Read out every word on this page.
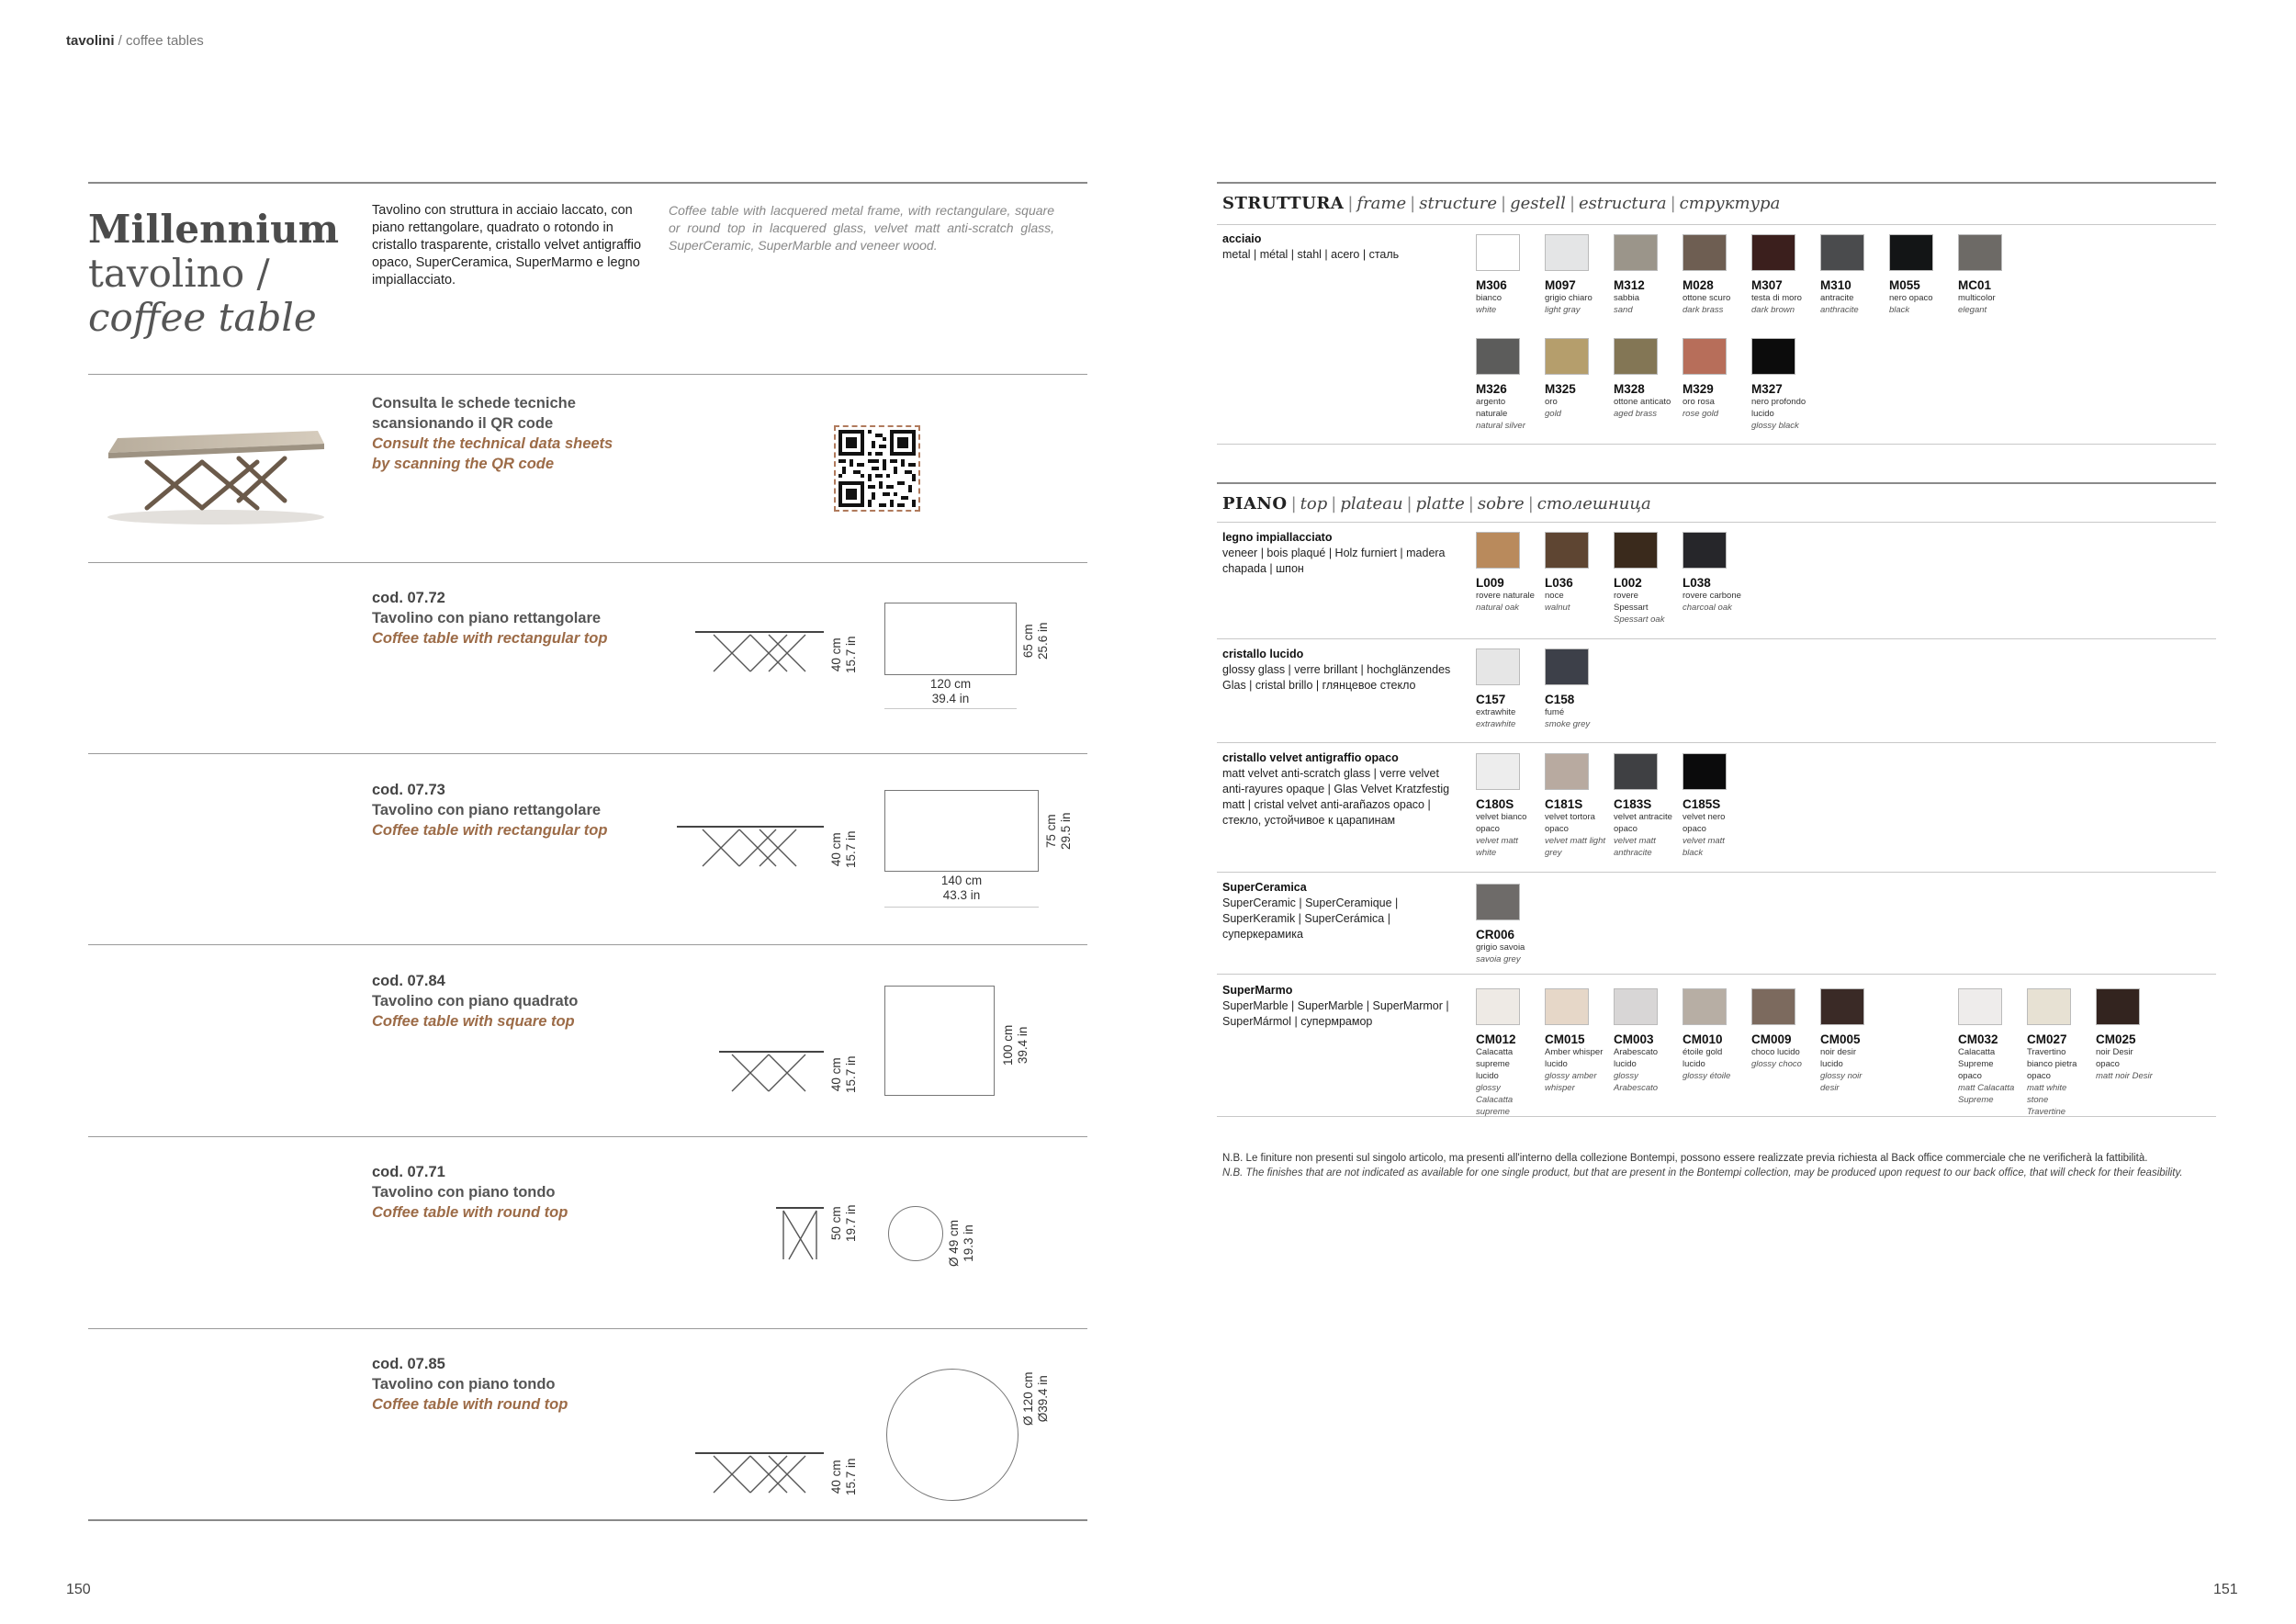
tavolini / coffee tables
Millennium
tavolino /
coffee table
Tavolino con struttura in acciaio laccato, con piano rettangolare, quadrato o rotondo in cristallo trasparente, cristallo velvet antigraffio opaco, SuperCeramica, SuperMarmo e legno impiallacciato.
Coffee table with lacquered metal frame, with rectangulare, square or round top in lacquered glass, velvet matt anti-scratch glass, SuperCeramic, SuperMarble and veneer wood.
Consulta le schede tecniche
scansionando il QR code
Consult the technical data sheets
by scanning the QR code
cod. 07.72
Tavolino con piano rettangolare
Coffee table with rectangular top	40 cm 15.7 in	65 cm 25.6 in
120 cm
39.4 in
cod. 07.73
Tavolino con piano rettangolare
Coffee table with rectangular top
40 cm 15.7 in	75 cm 29.5 in
140 cm
43.3 in
cod. 07.84
Tavolino con piano quadrato
Coffee table with square top
40 cm 15.7 in
100 cm 39.4 in
cod. 07.71
Tavolino con piano tondo
Coffee table with round top	50 cm 19.7 in	Ø 49 cm 19.3 in
cod. 07.85
Tavolino con piano tondo
Coffee table with round top
40 cm 15.7 in
Ø 120 cm Ø39.4 in
150	151
STRUTTURA | frame | structure | gestell | estructura | структура
acciaio
metal | métal | stahl | acero | сталь
PIANO | top | plateau | platte | sobre | столешница
legno impiallacciato
veneer | bois plaqué | Holz furniert | madera chapada | шпон
cristallo lucido
glossy glass | verre brillant | hochglänzendes Glas | cristal brillo | глянцевое стекло
cristallo velvet antigraffio opaco
matt velvet anti-scratch glass | verre velvet anti-rayures opaque | Glas Velvet Kratzfestig matt | cristal velvet anti-arañazos opaco | стекло, устойчивое к царапинам
SuperCeramica
SuperCeramic | SuperCeramique | SuperKeramik | SuperCerámica | суперкерамика
SuperMarmo
SuperMarble | SuperMarble | SuperMarmor | SuperMármol | супермрамор
N.B. Le finiture non presenti sul singolo articolo, ma presenti all'interno della collezione Bontempi, possono essere realizzate previa richiesta al Back office commerciale che ne verificherà la fattibilità.
N.B. The finishes that are not indicated as available for one single product, but that are present in the Bontempi collection, may be produced upon request to our back office, that will check for their feasibility.
M306
bianco
white
M097
grigio chiaro
light gray
M312
sabbia
sand
M028
ottone scuro
dark brass
M307
testa di moro
dark brown
M310
antracite
anthracite
M055
nero opaco
black
MC01
multicolor
elegant
M326
argento naturale
natural silver
M325
oro
gold
M328
ottone anticato
aged brass
M329
oro rosa
rose gold
M327
nero profondo lucido
glossy black
L009
rovere naturale
natural oak
L036
noce
walnut
L002
rovere Spessart
Spessart oak
L038
rovere carbone
charcoal oak
C157
extrawhite
extrawhite
C158
fumé
smoke grey
C180S
velvet bianco opaco
velvet matt white
C181S
velvet tortora opaco
velvet matt light grey
C183S
velvet antracite opaco
velvet matt anthracite
C185S
velvet nero opaco
velvet matt black
CR006
grigio savoia
savoia grey
CM012
Calacatta supreme lucido
glossy Calacatta supreme
CM015
Amber whisper lucido
glossy amber whisper
CM003
Arabescato lucido
glossy Arabescato
CM010
étoile gold lucido
glossy étoile
CM009
choco lucido
glossy choco
CM005
noir desir lucido
glossy noir desir
CM032
Calacatta Supreme opaco
matt Calacatta Supreme
CM027
Travertino bianco pietra opaco
matt white stone Travertine
CM025
noir Desir opaco
matt noir Desir
